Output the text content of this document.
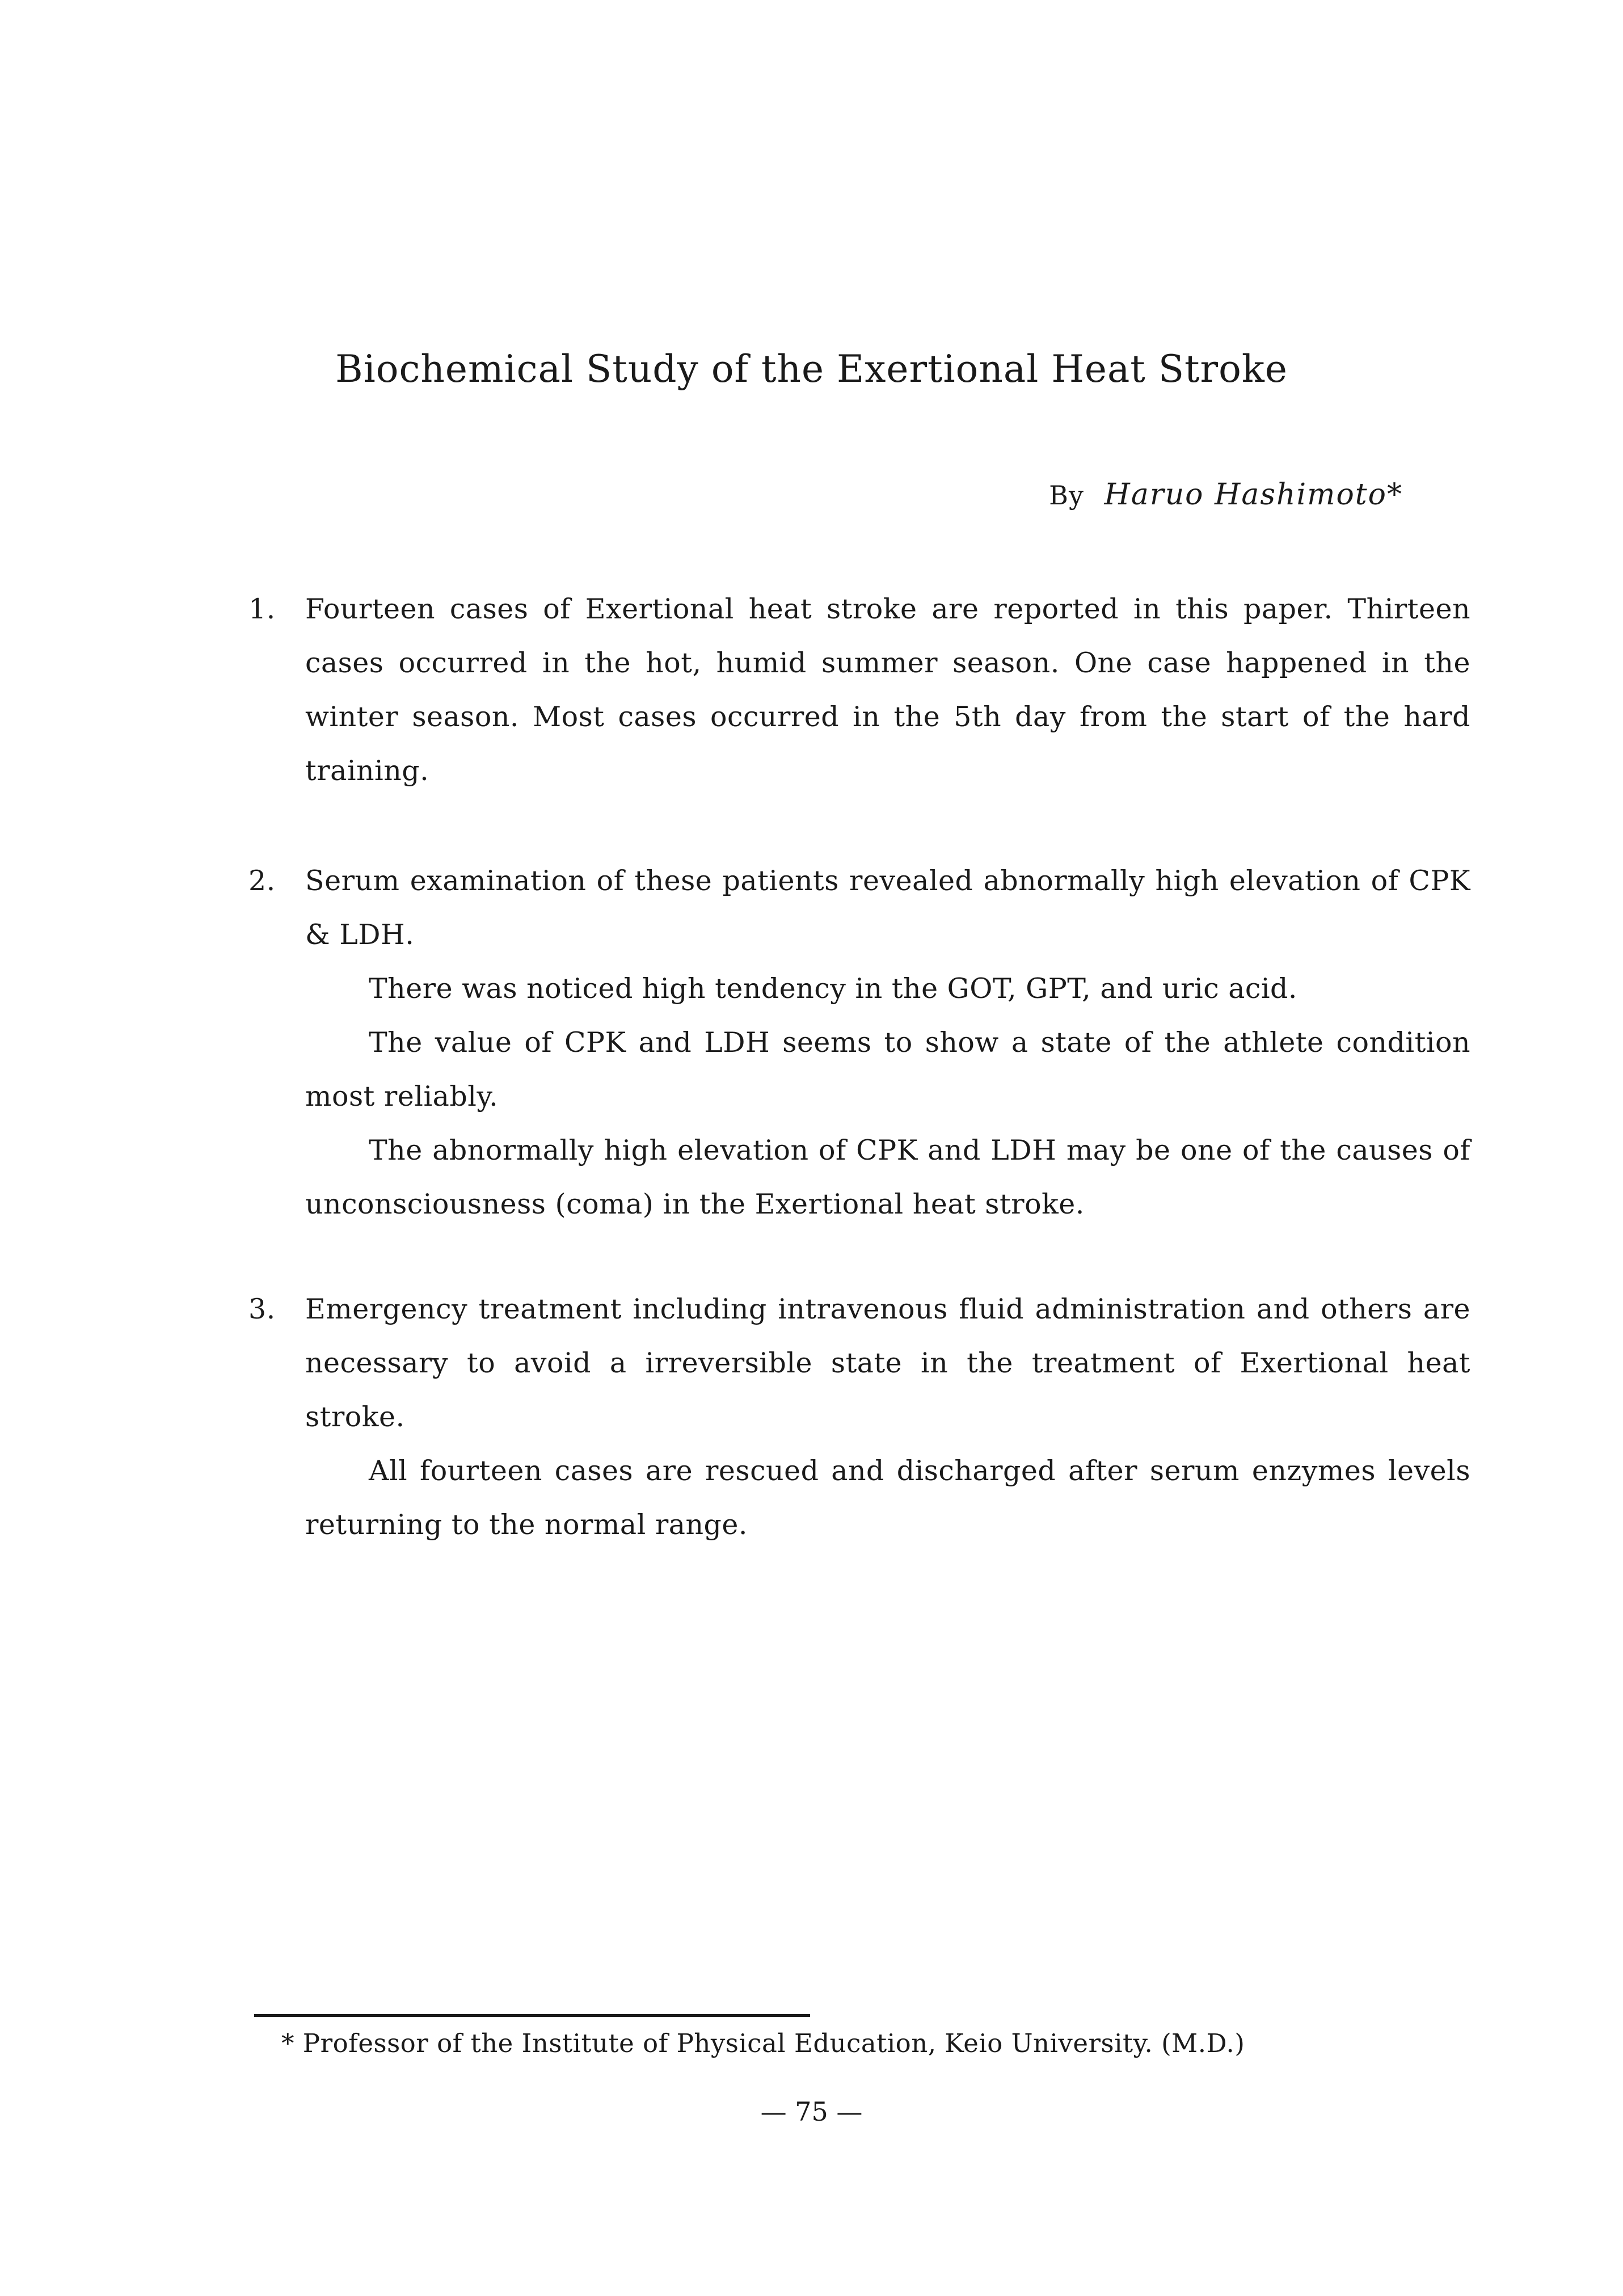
Biochemical Study of the Exertional Heat Stroke
By Haruo Hashimoto*
1. Fourteen cases of Exertional heat stroke are reported in this paper. Thirteen cases occurred in the hot, humid summer season. One case happened in the winter season. Most cases occurred in the 5th day from the start of the hard training.

2. Serum examination of these patients revealed abnormally high elevation of CPK & LDH.

There was noticed high tendency in the GOT, GPT, and uric acid.

The value of CPK and LDH seems to show a state of the athlete condition most reliably.

The abnormally high elevation of CPK and LDH may be one of the causes of unconsciousness (coma) in the Exertional heat stroke.

3. Emergency treatment including intravenous fluid administration and others are necessary to avoid a irreversible state in the treatment of Exertional heat stroke.

All fourteen cases are rescued and discharged after serum enzymes levels returning to the normal range.

* Professor of the Institute of Physical Education, Keio University. (M.D.)
— 75 —
